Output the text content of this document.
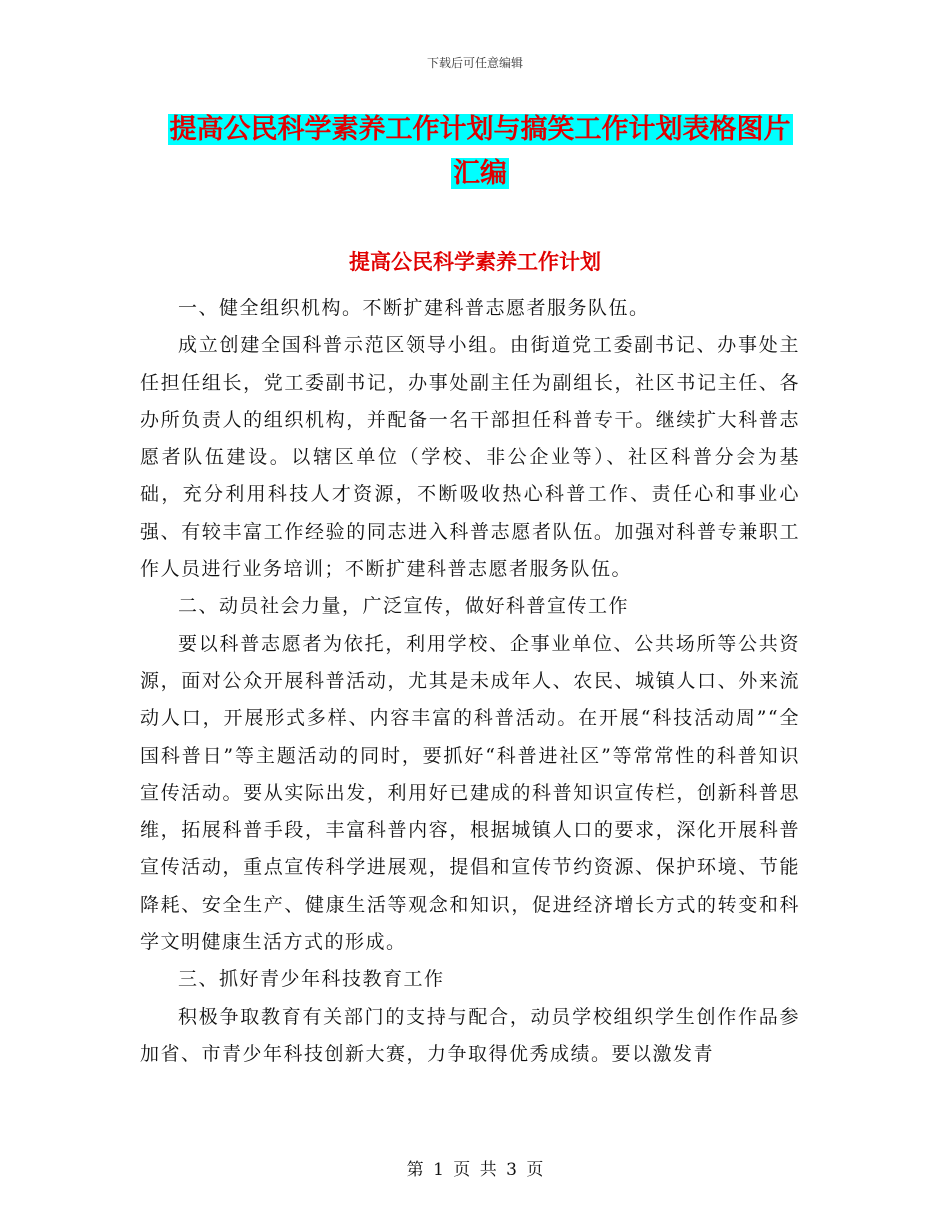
下载后可任意编辑
提高公民科学素养工作计划与搞笑工作计划表格图片
汇编
提高公民科学素养工作计划

一、健全组织机构。不断扩建科普志愿者服务队伍。

成立创建全国科普示范区领导小组。由街道党工委副书记、办事处主任担任组长，党工委副书记，办事处副主任为副组长，社区书记主任、各办所负责人的组织机构，并配备一名干部担任科普专干。继续扩大科普志愿者队伍建设。以辖区单位（学校、非公企业等）、社区科普分会为基础，充分利用科技人才资源，不断吸收热心科普工作、责任心和事业心强、有较丰富工作经验的同志进入科普志愿者队伍。加强对科普专兼职工作人员进行业务培训；不断扩建科普志愿者服务队伍。

二、动员社会力量，广泛宣传，做好科普宣传工作

要以科普志愿者为依托，利用学校、企事业单位、公共场所等公共资源，面对公众开展科普活动，尤其是未成年人、农民、城镇人口、外来流动人口，开展形式多样、内容丰富的科普活动。在开展“科技活动周”“全国科普日”等主题活动的同时，要抓好“科普进社区”等常常性的科普知识宣传活动。要从实际出发，利用好已建成的科普知识宣传栏，创新科普思维，拓展科普手段，丰富科普内容，根据城镇人口的要求，深化开展科普宣传活动，重点宣传科学进展观，提倡和宣传节约资源、保护环境、节能降耗、安全生产、健康生活等观念和知识，促进经济增长方式的转变和科学文明健康生活方式的形成。

三、抓好青少年科技教育工作

积极争取教育有关部门的支持与配合，动员学校组织学生创作作品参加省、市青少年科技创新大赛，力争取得优秀成绩。要以激发青

第 1 页 共 3 页
